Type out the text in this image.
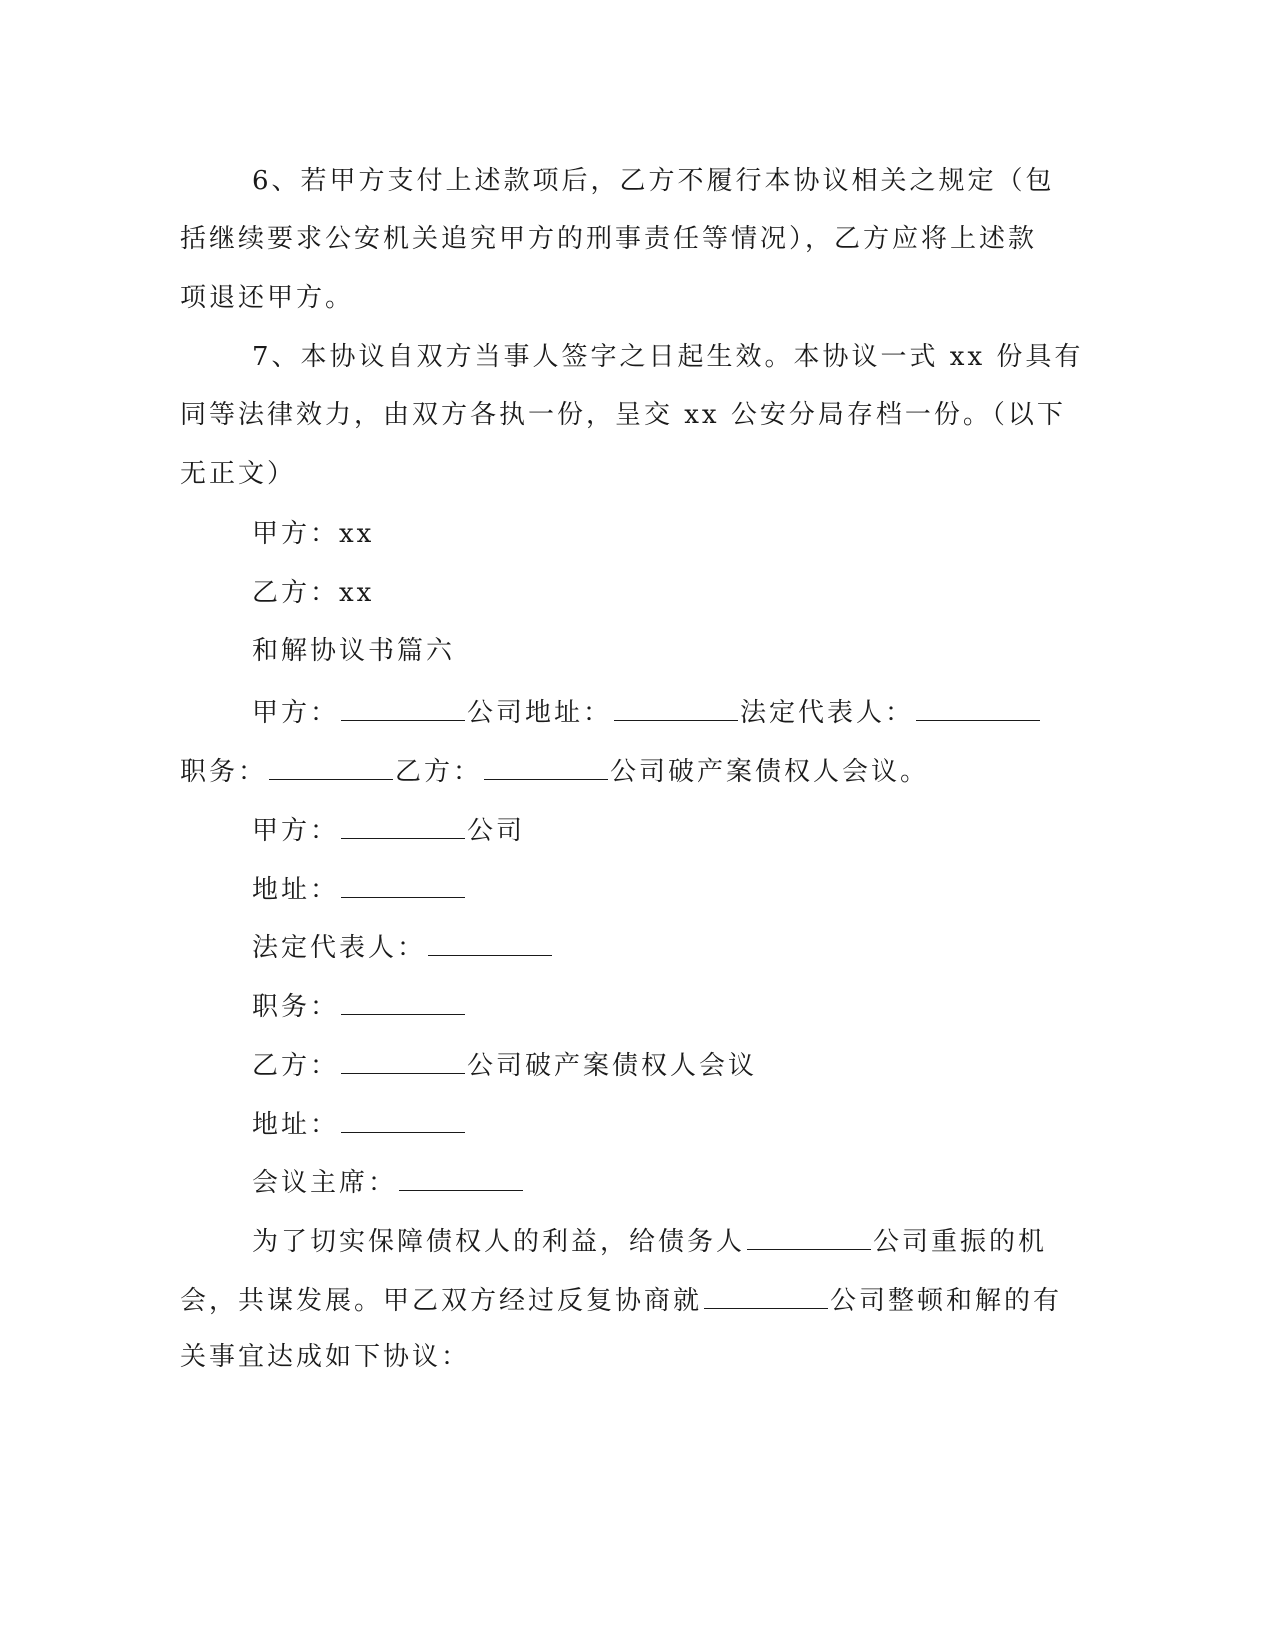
6、若甲方支付上述款项后，乙方不履行本协议相关之规定（包
括继续要求公安机关追究甲方的刑事责任等情况），乙方应将上述款
项退还甲方。
7、本协议自双方当事人签字之日起生效。本协议一式 xx 份具有
同等法律效力，由双方各执一份，呈交 xx 公安分局存档一份。（以下
无正文）
甲方：xx
乙方：xx
和解协议书篇六
甲方：	公司地址：	法定代表人：
职务：	乙方：	公司破产案债权人会议。
甲方：	公司
地址：
法定代表人：
职务：
乙方：	公司破产案债权人会议
地址：
会议主席：
为了切实保障债权人的利益，给债务人	公司重振的机
会，共谋发展。甲乙双方经过反复协商就	公司整顿和解的有
关事宜达成如下协议：
